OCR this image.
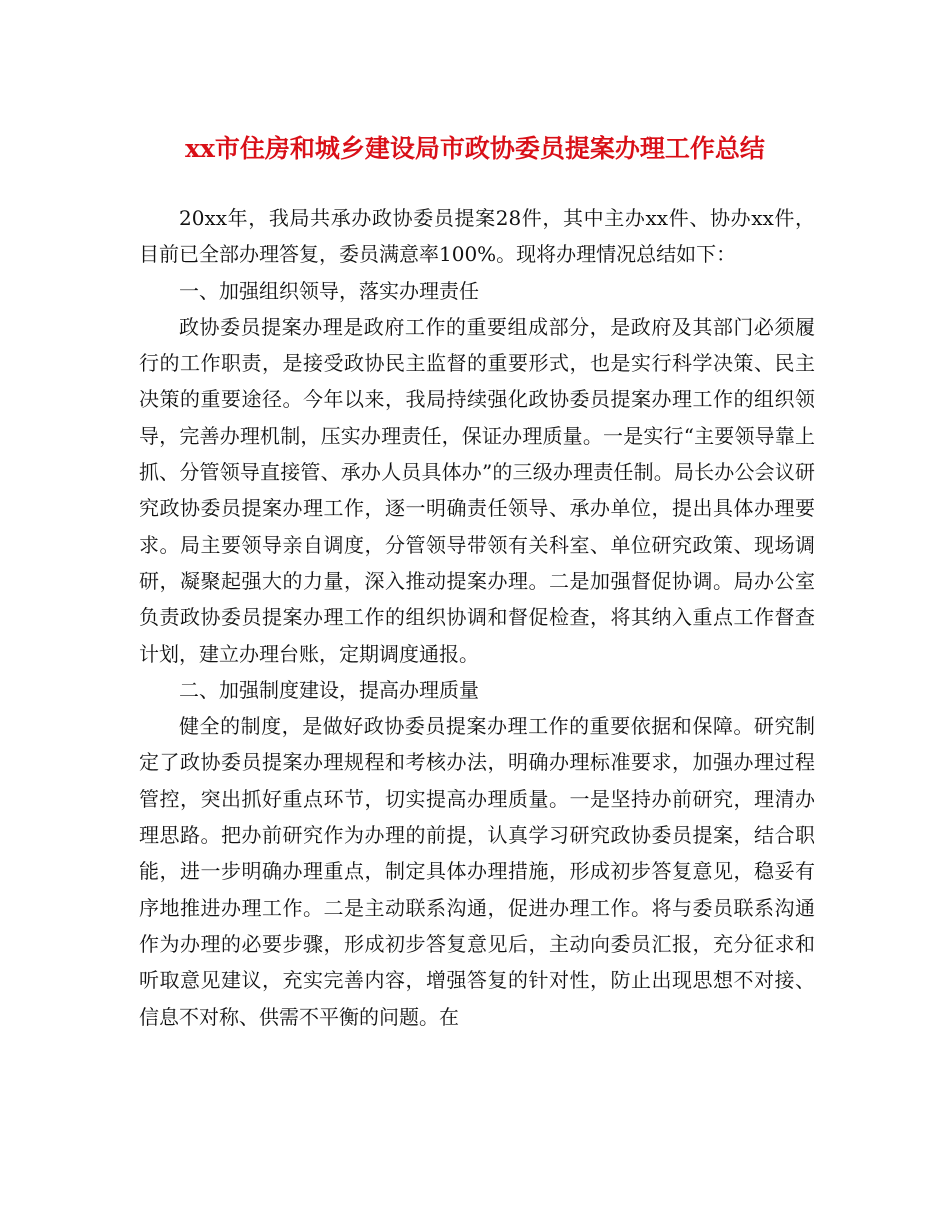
xx市住房和城乡建设局市政协委员提案办理工作总结

20xx年，我局共承办政协委员提案28件，其中主办xx件、协办xx件，目前已全部办理答复，委员满意率100%。现将办理情况总结如下：

一、加强组织领导，落实办理责任

政协委员提案办理是政府工作的重要组成部分，是政府及其部门必须履行的工作职责，是接受政协民主监督的重要形式，也是实行科学决策、民主决策的重要途径。今年以来，我局持续强化政协委员提案办理工作的组织领导，完善办理机制，压实办理责任，保证办理质量。一是实行“主要领导靠上抓、分管领导直接管、承办人员具体办”的三级办理责任制。局长办公会议研究政协委员提案办理工作，逐一明确责任领导、承办单位，提出具体办理要求。局主要领导亲自调度，分管领导带领有关科室、单位研究政策、现场调研，凝聚起强大的力量，深入推动提案办理。二是加强督促协调。局办公室负责政协委员提案办理工作的组织协调和督促检查，将其纳入重点工作督查计划，建立办理台账，定期调度通报。

二、加强制度建设，提高办理质量

健全的制度，是做好政协委员提案办理工作的重要依据和保障。研究制定了政协委员提案办理规程和考核办法，明确办理标准要求，加强办理过程管控，突出抓好重点环节，切实提高办理质量。一是坚持办前研究，理清办理思路。把办前研究作为办理的前提，认真学习研究政协委员提案，结合职能，进一步明确办理重点，制定具体办理措施，形成初步答复意见，稳妥有序地推进办理工作。二是主动联系沟通，促进办理工作。将与委员联系沟通作为办理的必要步骤，形成初步答复意见后，主动向委员汇报，充分征求和听取意见建议，充实完善内容，增强答复的针对性，防止出现思想不对接、信息不对称、供需不平衡的问题。在
